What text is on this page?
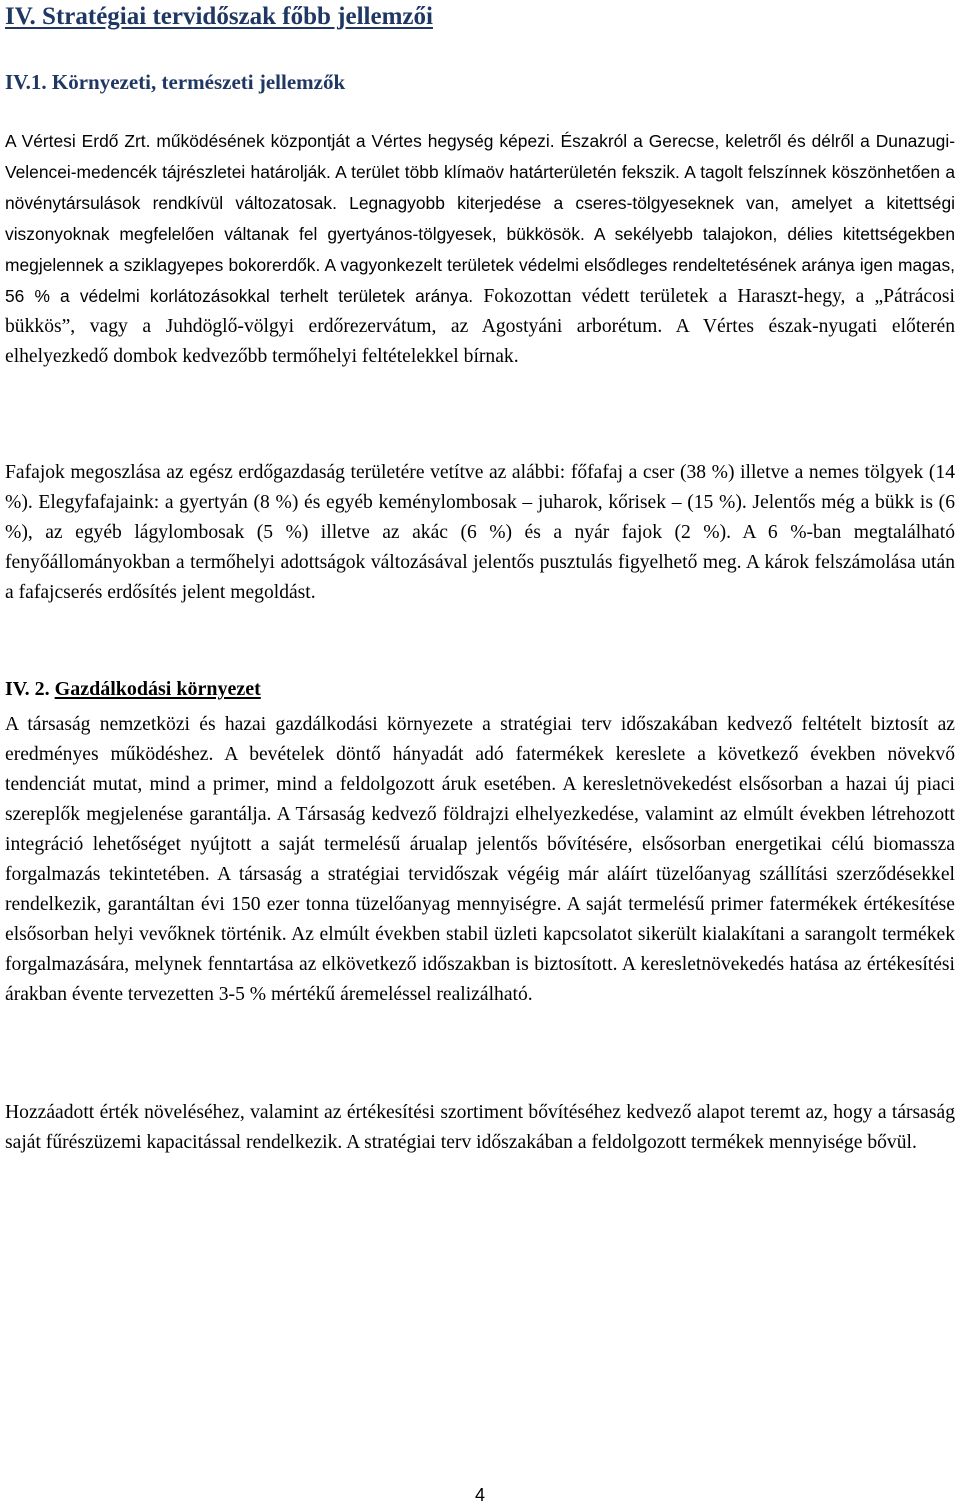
IV. Stratégiai tervidőszak főbb jellemzői
IV.1. Környezeti, természeti jellemzők

A Vértesi Erdő Zrt. működésének központját a Vértes hegység képezi. Északról a Gerecse, keletről és délről a Dunazugi-Velencei-medencék tájrészletei határolják. A terület több klímaöv határterületén fekszik. A tagolt felszínnek köszönhetően a növénytársulások rendkívül változatosak. Legnagyobb kiterjedése a cseres-tölgyeseknek van, amelyet a kitettségi viszonyoknak megfelelően váltanak fel gyertyános-tölgyesek, bükkösök. A sekélyebb talajokon, délies kitettségekben megjelennek a sziklagyepes bokorerdők. A vagyonkezelt területek védelmi elsődleges rendeltetésének aránya igen magas, 56 % a védelmi korlátozásokkal terhelt területek aránya. Fokozottan védett területek a Haraszt-hegy, a „Pátrácosi bükkös”, vagy a Juhdöglő-völgyi erdőrezervátum, az Agostyáni arborétum. A Vértes észak-nyugati előterén elhelyezkedő dombok kedvezőbb termőhelyi feltételekkel bírnak.

Fafajok megoszlása az egész erdőgazdaság területére vetítve az alábbi: főfafaj a cser (38 %) illetve a nemes tölgyek (14 %). Elegyfafajaink: a gyertyán (8 %) és egyéb keménylombosak – juharok, kőrisek – (15 %). Jelentős még a bükk is (6 %), az egyéb lágylombosak (5 %) illetve az akác (6 %) és a nyár fajok (2 %). A 6 %-ban megtalálható fenyőállományokban a termőhelyi adottságok változásával jelentős pusztulás figyelhető meg. A károk felszámolása után a fafajcserés erdősítés jelent megoldást.

IV. 2. Gazdálkodási környezet

A társaság nemzetközi és hazai gazdálkodási környezete a stratégiai terv időszakában kedvező feltételt biztosít az eredményes működéshez. A bevételek döntő hányadát adó fatermékek kereslete a következő években növekvő tendenciát mutat, mind a primer, mind a feldolgozott áruk esetében. A keresletnövekedést elsősorban a hazai új piaci szereplők megjelenése garantálja. A Társaság kedvező földrajzi elhelyezkedése, valamint az elmúlt években létrehozott integráció lehetőséget nyújtott a saját termelésű árualap jelentős bővítésére, elsősorban energetikai célú biomassza forgalmazás tekintetében. A társaság a stratégiai tervidőszak végéig már aláírt tüzelőanyag szállítási szerződésekkel rendelkezik, garantáltan évi 150 ezer tonna tüzelőanyag mennyiségre. A saját termelésű primer fatermékek értékesítése elsősorban helyi vevőknek történik. Az elmúlt években stabil üzleti kapcsolatot sikerült kialakítani a sarangolt termékek forgalmazására, melynek fenntartása az elkövetkező időszakban is biztosított. A keresletnövekedés hatása az értékesítési árakban évente tervezetten 3-5 % mértékű áremeléssel realizálható.

Hozzáadott érték növeléséhez, valamint az értékesítési szortiment bővítéséhez kedvező alapot teremt az, hogy a társaság saját fűrészüzemi kapacitással rendelkezik. A stratégiai terv időszakában a feldolgozott termékek mennyisége bővül.

4
